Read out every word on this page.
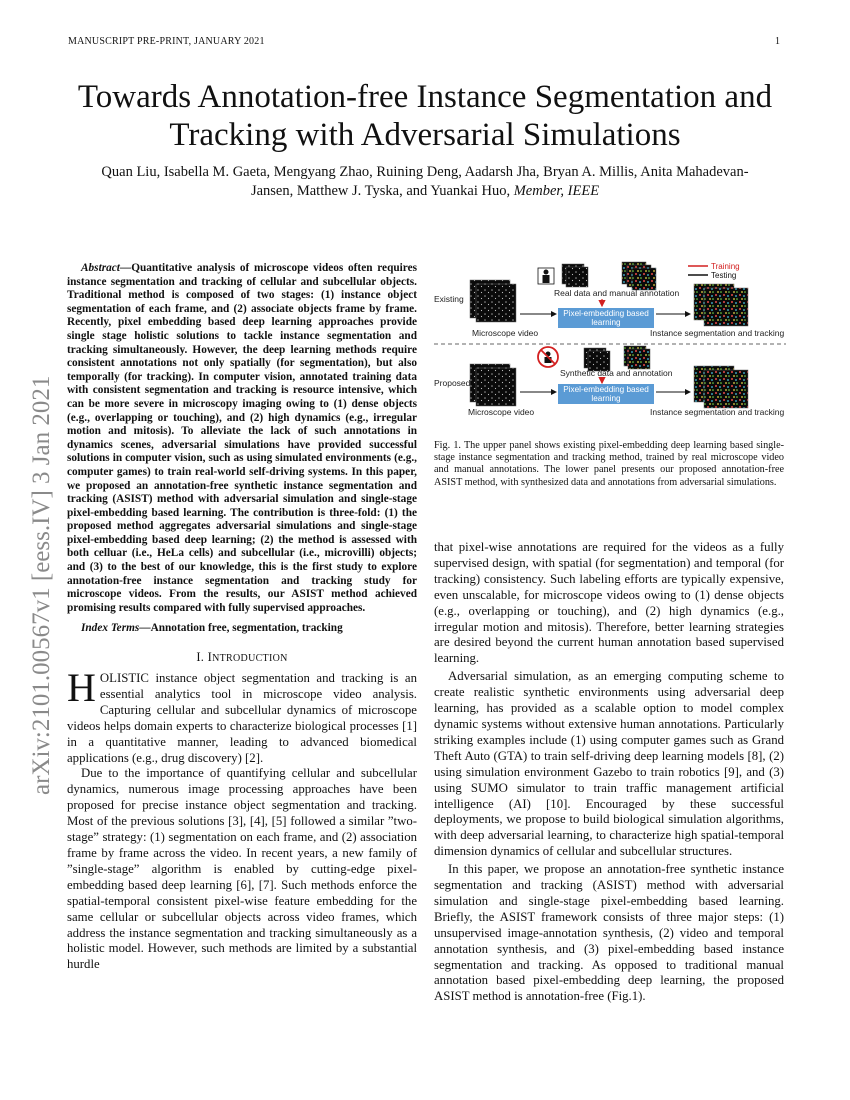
MANUSCRIPT PRE-PRINT, JANUARY 2021	1
arXiv:2101.00567v1 [eess.IV] 3 Jan 2021
Towards Annotation-free Instance Segmentation and Tracking with Adversarial Simulations
Quan Liu, Isabella M. Gaeta, Mengyang Zhao, Ruining Deng, Aadarsh Jha, Bryan A. Millis, Anita Mahadevan-Jansen, Matthew J. Tyska, and Yuankai Huo, Member, IEEE

Abstract—Quantitative analysis of microscope videos often requires instance segmentation and tracking of cellular and subcellular objects. Traditional method is composed of two stages: (1) instance object segmentation of each frame, and (2) associate objects frame by frame. Recently, pixel embedding based deep learning approaches provide single stage holistic solutions to tackle instance segmentation and tracking simultaneously. However, the deep learning methods require consistent annotations not only spatially (for segmentation), but also temporally (for tracking). In computer vision, annotated training data with consistent segmentation and tracking is resource intensive, which can be more severe in microscopy imaging owing to (1) dense objects (e.g., overlapping or touching), and (2) high dynamics (e.g., irregular motion and mitosis). To alleviate the lack of such annotations in dynamics scenes, adversarial simulations have provided successful solutions in computer vision, such as using simulated environments (e.g., computer games) to train real-world self-driving systems. In this paper, we proposed an annotation-free synthetic instance segmentation and tracking (ASIST) method with adversarial simulation and single-stage pixel-embedding based learning. The contribution is three-fold: (1) the proposed method aggregates adversarial simulations and single-stage pixel-embedding based deep learning; (2) the method is assessed with both celluar (i.e., HeLa cells) and subcellular (i.e., microvilli) objects; and (3) to the best of our knowledge, this is the first study to explore annotation-free instance segmentation and tracking study for microscope videos. From the results, our ASIST method achieved promising results compared with fully supervised approaches.

Index Terms—Annotation free, segmentation, tracking

I. INTRODUCTION

HOLISTIC instance object segmentation and tracking is an essential analytics tool in microscope video analysis. Capturing cellular and subcellular dynamics of microscope videos helps domain experts to characterize biological processes [1] in a quantitative manner, leading to advanced biomedical applications (e.g., drug discovery) [2].

Due to the importance of quantifying cellular and subcellular dynamics, numerous image processing approaches have been proposed for precise instance object segmentation and tracking. Most of the previous solutions [3], [4], [5] followed a similar ”two-stage” strategy: (1) segmentation on each frame, and (2) association frame by frame across the video. In recent years, a new family of ”single-stage” algorithm is enabled by cutting-edge pixel-embedding based deep learning [6], [7]. Such methods enforce the spatial-temporal consistent pixel-wise feature embedding for the same cellular or subcellular objects across video frames, which address the instance segmentation and tracking simultaneously as a holistic model. However, such methods are limited by a substantial hurdle

Training
Testing
Existing
Real data and manual annotation
Microscope video
Pixel-embedding based
learning
Instance segmentation and tracking
Proposed
Synthetic data and annotation
Microscope video
Pixel-embedding based
learning
Instance segmentation and tracking

Fig. 1. The upper panel shows existing pixel-embedding deep learning based single-stage instance segmentation and tracking method, trained by real microscope video and manual annotations. The lower panel presents our proposed annotation-free ASIST method, with synthesized data and annotations from adversarial simulations.

that pixel-wise annotations are required for the videos as a fully supervised design, with spatial (for segmentation) and temporal (for tracking) consistency. Such labeling efforts are typically expensive, even unscalable, for microscope videos owing to (1) dense objects (e.g., overlapping or touching), and (2) high dynamics (e.g., irregular motion and mitosis). Therefore, better learning strategies are desired beyond the current human annotation based supervised learning.

Adversarial simulation, as an emerging computing scheme to create realistic synthetic environments using adversarial deep learning, has provided as a scalable option to model complex dynamic systems without extensive human annotations. Particularly striking examples include (1) using computer games such as Grand Theft Auto (GTA) to train self-driving deep learning models [8], (2) using simulation environment Gazebo to train robotics [9], and (3) using SUMO simulator to train traffic management artificial intelligence (AI) [10]. Encouraged by these successful deployments, we propose to build biological simulation algorithms, with deep adversarial learning, to characterize high spatial-temporal dimension dynamics of cellular and subcellular structures.

In this paper, we propose an annotation-free synthetic instance segmentation and tracking (ASIST) method with adversarial simulation and single-stage pixel-embedding based learning. Briefly, the ASIST framework consists of three major steps: (1) unsupervised image-annotation synthesis, (2) video and temporal annotation synthesis, and (3) pixel-embedding based instance segmentation and tracking. As opposed to traditional manual annotation based pixel-embedding deep learning, the proposed ASIST method is annotation-free (Fig.1).
